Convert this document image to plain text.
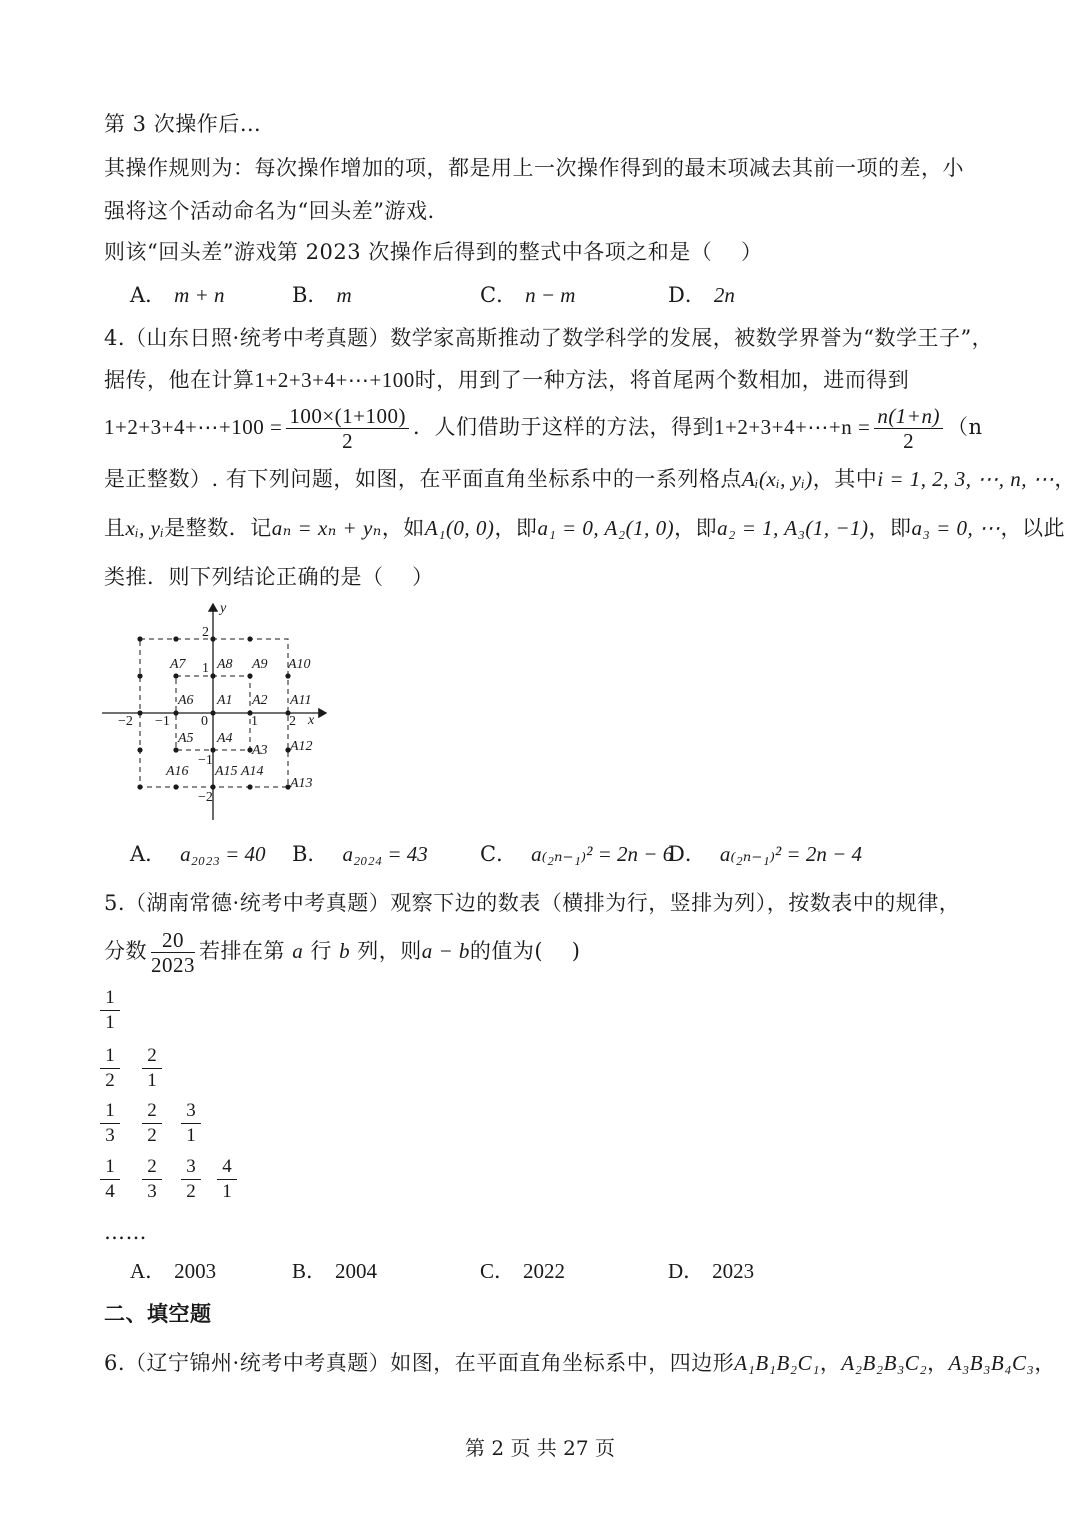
第 3 次操作后…
其操作规则为：每次操作增加的项，都是用上一次操作得到的最末项减去其前一项的差，小
强将这个活动命名为“回头差”游戏.
则该“回头差”游戏第 2023 次操作后得到的整式中各项之和是（　 ）
A． m + n	B． m	C． n − m	D． 2n
4.（山东日照·统考中考真题）数学家高斯推动了数学科学的发展，被数学界誉为“数学王子”，
据传，他在计算1+2+3+4+⋯+100时，用到了一种方法，将首尾两个数相加，进而得到
1+2+3+4+⋯+100 = $\frac{100\times(1+100)}{2}$ ．人们借助于这样的方法，得到1+2+3+4+⋯+n = $\frac{n(1+n)}{2} (n$
是正整数）. 有下列问题，如图，在平面直角坐标系中的一系列格点Aᵢ(xᵢ, yᵢ)，其中i = 1, 2, 3, ⋯, n, ⋯，
且xᵢ, yᵢ是整数．记aₙ = xₙ + yₙ，如A₁(0, 0)，即a₁ = 0, A₂(1, 0)，即a₂ = 1, A₃(1, −1)，即a₃ = 0, ⋯，以此
类推．则下列结论正确的是（　 ）
y
x
0
−2 −1	1 2
2
1
−1
−2
A1 A2
A3
A4
A5
A6
A7 A8 A9 A10
A11
A12
A13
A14
A15
A16
A． a₂₀₂₃ = 40 B． a₂₀₂₄ = 43 C． a₍₂ₙ₋₁₎² = 2n − 6
D． a₍₂ₙ₋₁₎² = 2n − 4
5.（湖南常德·统考中考真题）观察下边的数表（横排为行，竖排为列），按数表中的规律，
分数 $\frac{20}{2023}$ 若排在第 a 行 b 列，则a − b的值为(　 )
$\frac{1}{1}$
$\frac{1}{2} \frac{2}{1}$
$\frac{1}{3} \frac{2}{2} \frac{3}{1}$
$\frac{1}{4} \frac{2}{3} \frac{3}{2} \frac{4}{1}$
……
A． 2003	B． 2004	C． 2022	D． 2023
二、填空题
6.（辽宁锦州·统考中考真题）如图，在平面直角坐标系中，四边形A₁B₁B₂C₁，A₂B₂B₃C₂，A₃B₃B₄C₃，
第 2 页 共 27 页
